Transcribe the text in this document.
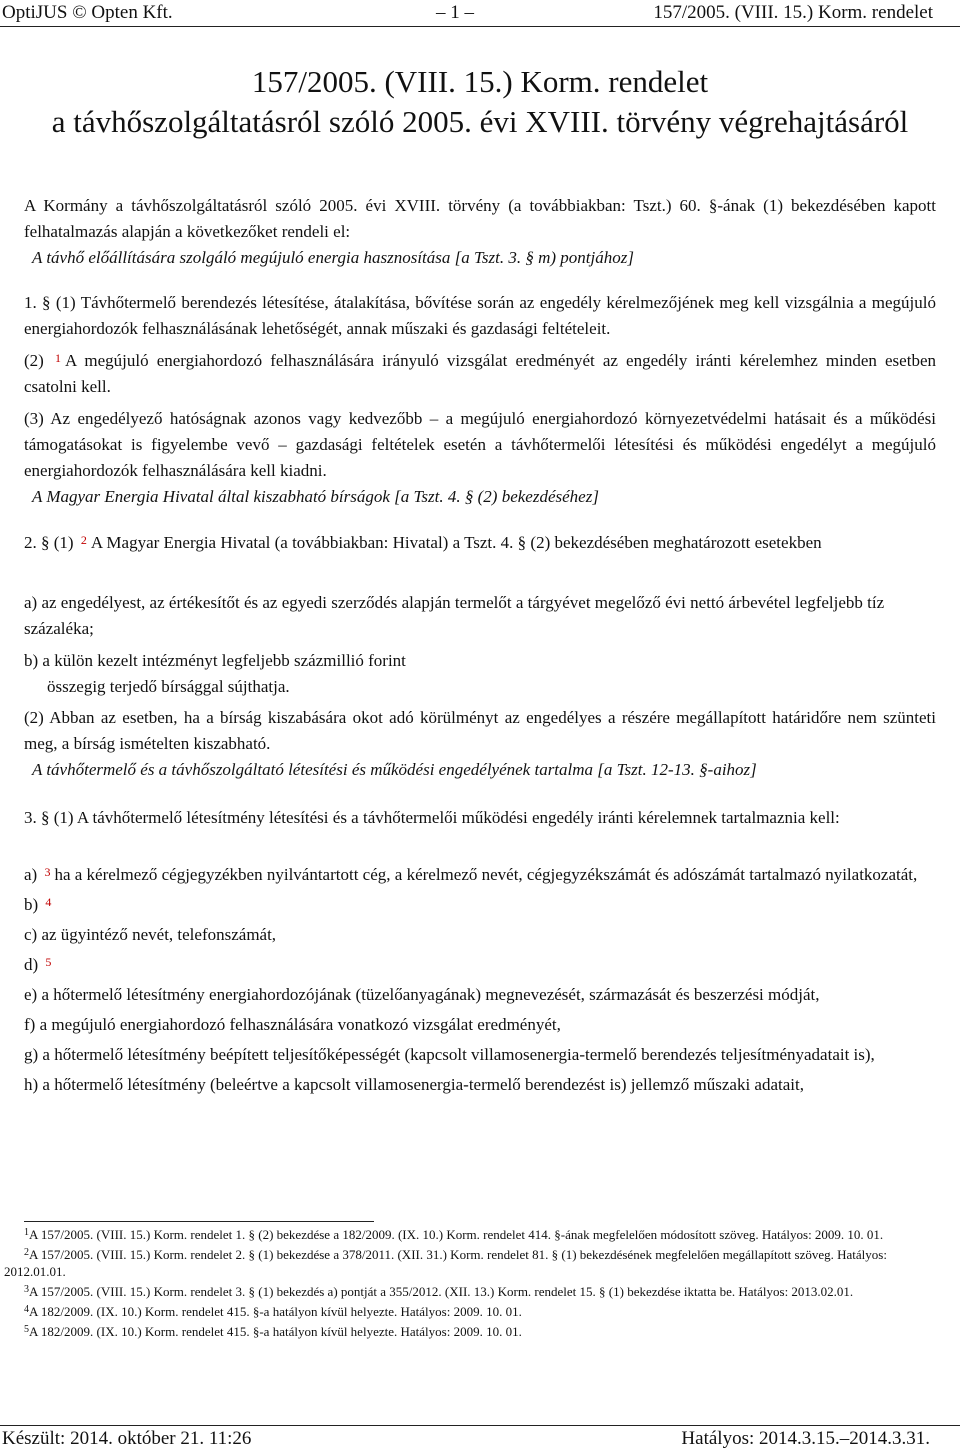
OptiJUS © Opten Kft.	– 1 –	157/2005. (VIII. 15.) Korm. rendelet
157/2005. (VIII. 15.) Korm. rendelet
a távhőszolgáltatásról szóló 2005. évi XVIII. törvény végrehajtásáról

A Kormány a távhőszolgáltatásról szóló 2005. évi XVIII. törvény (a továbbiakban: Tszt.) 60. §-ának (1) bekezdésében kapott felhatalmazás alapján a következőket rendeli el:

A távhő előállítására szolgáló megújuló energia hasznosítása [a Tszt. 3. § m) pontjához]

1. § (1) Távhőtermelő berendezés létesítése, átalakítása, bővítése során az engedély kérelmezőjének meg kell vizsgálnia a megújuló energiahordozók felhasználásának lehetőségét, annak műszaki és gazdasági feltételeit.

(2) $^1$ A megújuló energiahordozó felhasználására irányuló vizsgálat eredményét az engedély iránti kérelemhez minden esetben csatolni kell.

(3) Az engedélyező hatóságnak azonos vagy kedvezőbb – a megújuló energiahordozó környezetvédelmi hatásait és a működési támogatásokat is figyelembe vevő – gazdasági feltételek esetén a távhőtermelői létesítési és működési engedélyt a megújuló energiahordozók felhasználására kell kiadni.

A Magyar Energia Hivatal által kiszabható bírságok [a Tszt. 4. § (2) bekezdéséhez]

2. § (1) $^2$ A Magyar Energia Hivatal (a továbbiakban: Hivatal) a Tszt. 4. § (2) bekezdésében meghatározott esetekben

a) az engedélyest, az értékesítőt és az egyedi szerződés alapján termelőt a tárgyévet megelőző évi nettó árbevétel legfeljebb tíz százaléka;
b) a külön kezelt intézményt legfeljebb százmillió forint
összegig terjedő bírsággal sújthatja.

(2) Abban az esetben, ha a bírság kiszabására okot adó körülményt az engedélyes a részére megállapított határidőre nem szünteti meg, a bírság ismételten kiszabható.

A távhőtermelő és a távhőszolgáltató létesítési és működési engedélyének tartalma [a Tszt. 12-13. §-aihoz]

3. § (1) A távhőtermelő létesítmény létesítési és a távhőtermelői működési engedély iránti kérelemnek tartalmaznia kell:

a) $^3$ ha a kérelmező cégjegyzékben nyilvántartott cég, a kérelmező nevét, cégjegyzékszámát és adószámát tartalmazó nyilatkozatát,
b) $^4$
c) az ügyintéző nevét, telefonszámát,
d) $^5$
e) a hőtermelő létesítmény energiahordozójának (tüzelőanyagának) megnevezését, származását és beszerzési módját,
f) a megújuló energiahordozó felhasználására vonatkozó vizsgálat eredményét,
g) a hőtermelő létesítmény beépített teljesítőképességét (kapcsolt villamosenergia-termelő berendezés teljesítményadatait is),
h) a hőtermelő létesítmény (beleértve a kapcsolt villamosenergia-termelő berendezést is) jellemző műszaki adatait,
$^1$A 157/2005. (VIII. 15.) Korm. rendelet 1. § (2) bekezdése a 182/2009. (IX. 10.) Korm. rendelet 414. §-ának megfelelően módosított szöveg. Hatályos: 2009. 10. 01.
$^2$A 157/2005. (VIII. 15.) Korm. rendelet 2. § (1) bekezdése a 378/2011. (XII. 31.) Korm. rendelet 81. § (1) bekezdésének megfelelően megállapított szöveg. Hatályos: 2012.01.01.
$^3$A 157/2005. (VIII. 15.) Korm. rendelet 3. § (1) bekezdés a) pontját a 355/2012. (XII. 13.) Korm. rendelet 15. § (1) bekezdése iktatta be. Hatályos: 2013.02.01.
$^4$A 182/2009. (IX. 10.) Korm. rendelet 415. §-a hatályon kívül helyezte. Hatályos: 2009. 10. 01.
$^5$A 182/2009. (IX. 10.) Korm. rendelet 415. §-a hatályon kívül helyezte. Hatályos: 2009. 10. 01.
Készült: 2014. október 21. 11:26	Hatályos: 2014.3.15.–2014.3.31.
